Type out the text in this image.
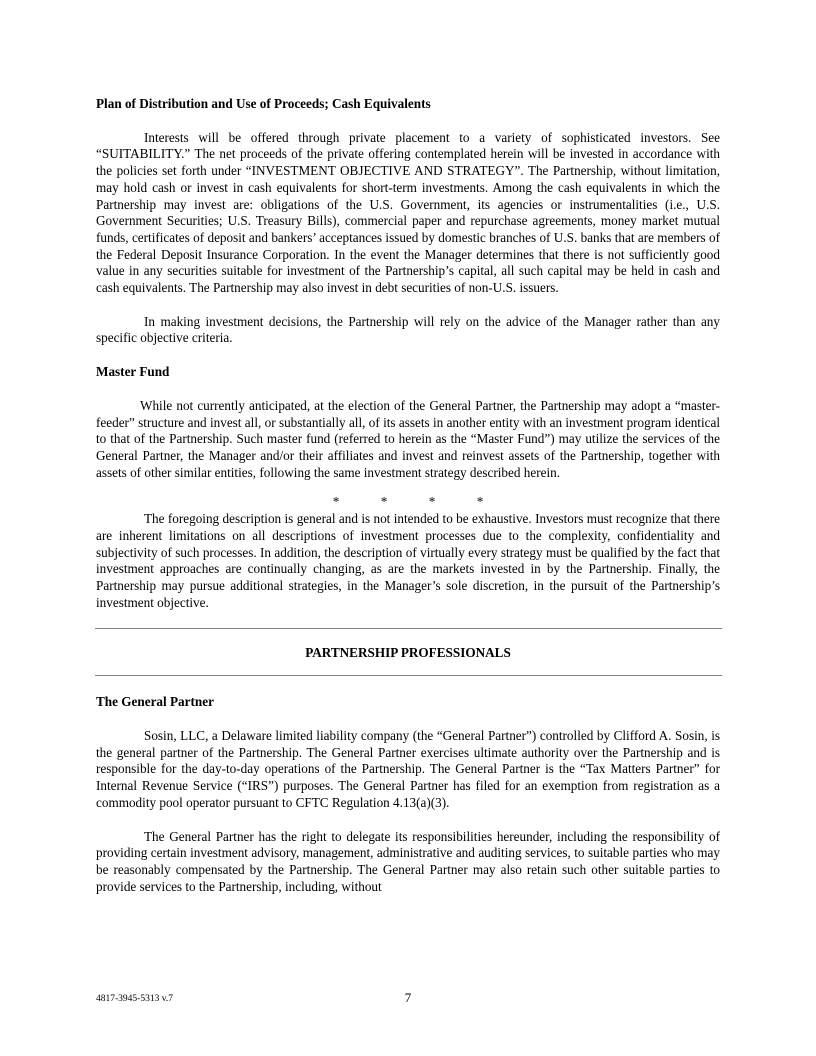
Plan of Distribution and Use of Proceeds; Cash Equivalents

Interests will be offered through private placement to a variety of sophisticated investors. See “SUITABILITY.” The net proceeds of the private offering contemplated herein will be invested in accordance with the policies set forth under “INVESTMENT OBJECTIVE AND STRATEGY”. The Partnership, without limitation, may hold cash or invest in cash equivalents for short-term investments. Among the cash equivalents in which the Partnership may invest are: obligations of the U.S. Government, its agencies or instrumentalities (i.e., U.S. Government Securities; U.S. Treasury Bills), commercial paper and repurchase agreements, money market mutual funds, certificates of deposit and bankers’ acceptances issued by domestic branches of U.S. banks that are members of the Federal Deposit Insurance Corporation. In the event the Manager determines that there is not sufficiently good value in any securities suitable for investment of the Partnership’s capital, all such capital may be held in cash and cash equivalents. The Partnership may also invest in debt securities of non-U.S. issuers.

In making investment decisions, the Partnership will rely on the advice of the Manager rather than any specific objective criteria.

Master Fund

While not currently anticipated, at the election of the General Partner, the Partnership may adopt a “master-feeder” structure and invest all, or substantially all, of its assets in another entity with an investment program identical to that of the Partnership. Such master fund (referred to herein as the “Master Fund”) may utilize the services of the General Partner, the Manager and/or their affiliates and invest and reinvest assets of the Partnership, together with assets of other similar entities, following the same investment strategy described herein.

*	*	*	*

The foregoing description is general and is not intended to be exhaustive. Investors must recognize that there are inherent limitations on all descriptions of investment processes due to the complexity, confidentiality and subjectivity of such processes. In addition, the description of virtually every strategy must be qualified by the fact that investment approaches are continually changing, as are the markets invested in by the Partnership. Finally, the Partnership may pursue additional strategies, in the Manager’s sole discretion, in the pursuit of the Partnership’s investment objective.

PARTNERSHIP PROFESSIONALS

The General Partner

Sosin, LLC, a Delaware limited liability company (the “General Partner”) controlled by Clifford A. Sosin, is the general partner of the Partnership. The General Partner exercises ultimate authority over the Partnership and is responsible for the day-to-day operations of the Partnership. The General Partner is the “Tax Matters Partner” for Internal Revenue Service (“IRS”) purposes. The General Partner has filed for an exemption from registration as a commodity pool operator pursuant to CFTC Regulation 4.13(a)(3).

The General Partner has the right to delegate its responsibilities hereunder, including the responsibility of providing certain investment advisory, management, administrative and auditing services, to suitable parties who may be reasonably compensated by the Partnership. The General Partner may also retain such other suitable parties to provide services to the Partnership, including, without

4817-3945-5313 v.7	7
